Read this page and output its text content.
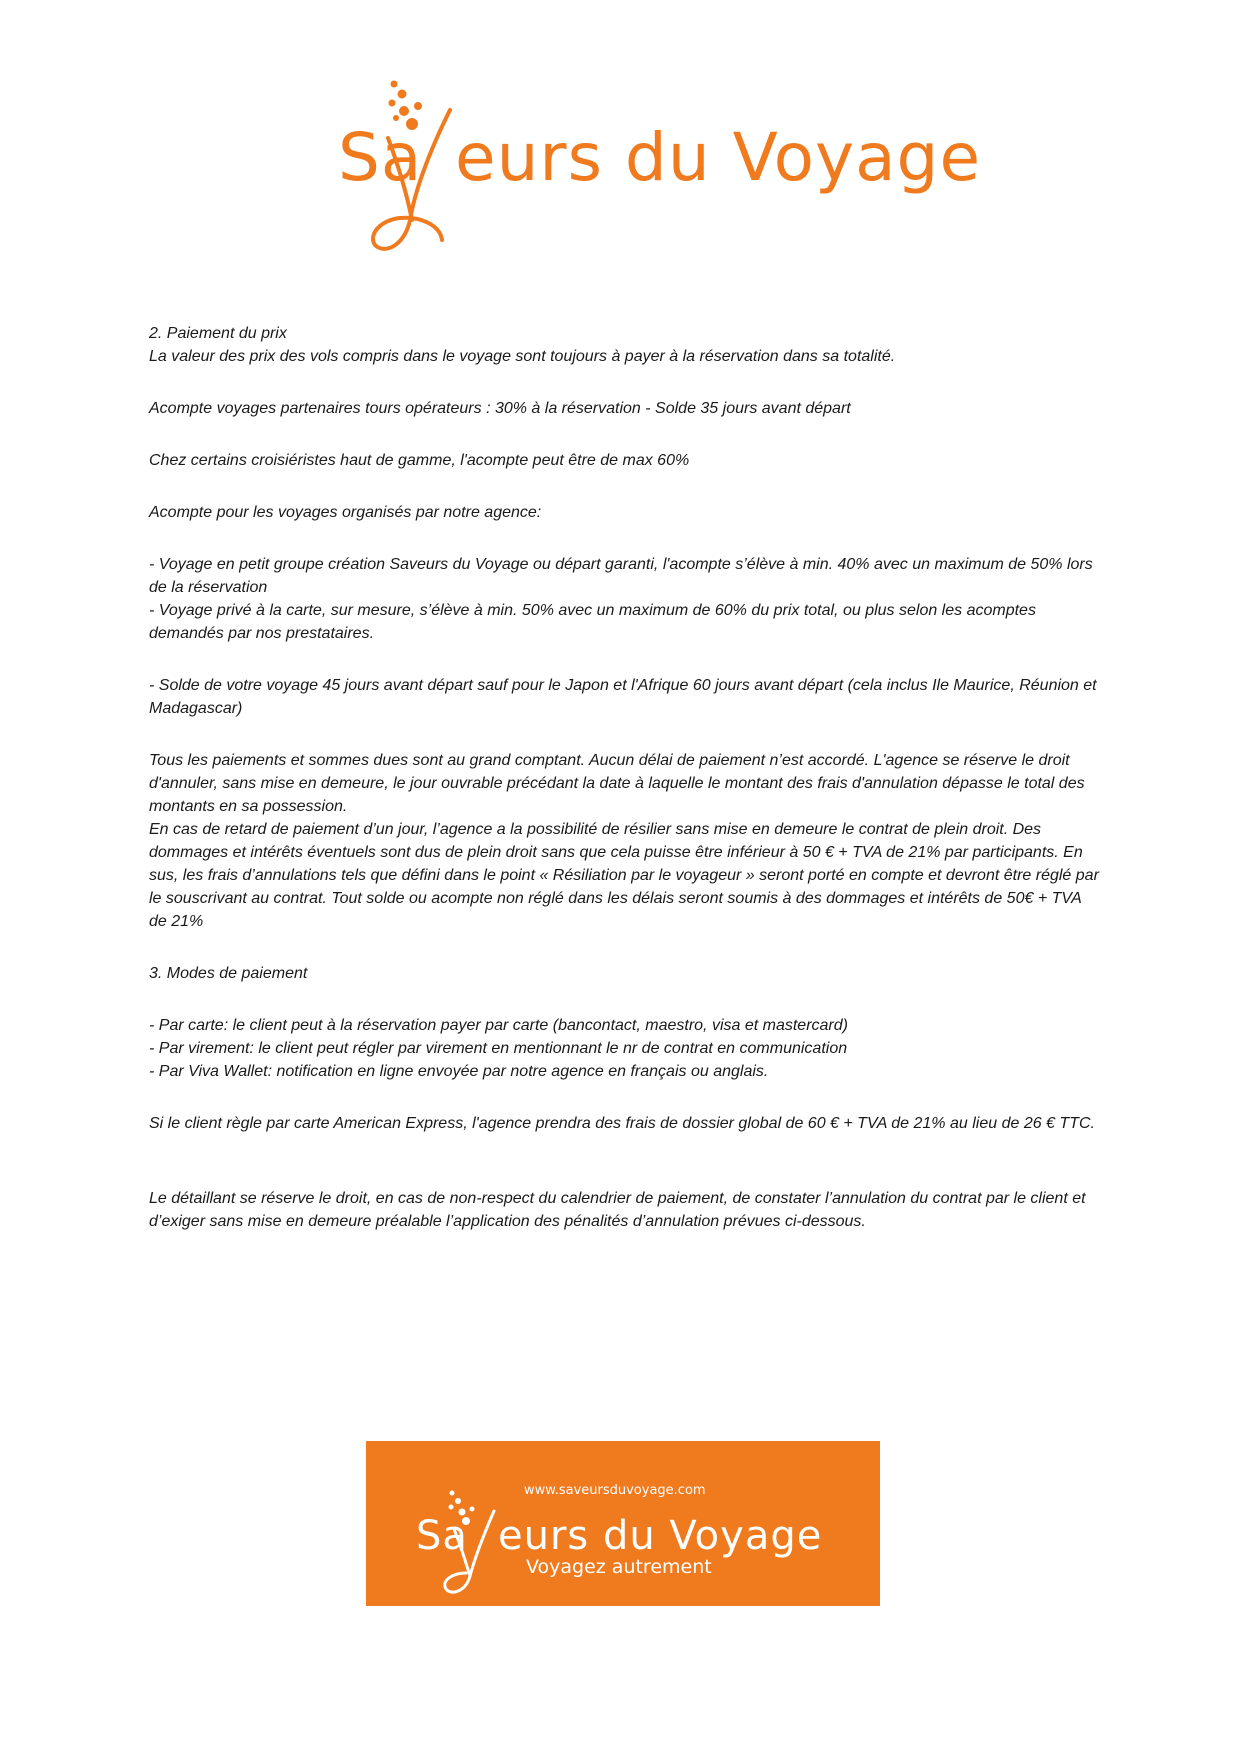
Sa eurs du Voyage

2. Paiement du prix

La valeur des prix des vols compris dans le voyage sont toujours à payer à la réservation dans sa totalité.

Acompte voyages partenaires tours opérateurs : 30% à la réservation - Solde 35 jours avant départ

Chez certains croisiéristes haut de gamme, l'acompte peut être de max 60%

Acompte pour les voyages organisés par notre agence:

- Voyage en petit groupe création Saveurs du Voyage ou départ garanti, l'acompte s’élève à min. 40% avec un maximum de 50% lors de la réservation

- Voyage privé à la carte, sur mesure, s’élève à min. 50% avec un maximum de 60% du prix total, ou plus selon les acomptes demandés par nos prestataires.

- Solde de votre voyage 45 jours avant départ sauf pour le Japon et l'Afrique 60 jours avant départ (cela inclus Ile Maurice, Réunion et Madagascar)

Tous les paiements et sommes dues sont au grand comptant. Aucun délai de paiement n’est accordé. L'agence se réserve le droit d'annuler, sans mise en demeure, le jour ouvrable précédant la date à laquelle le montant des frais d'annulation dépasse le total des montants en sa possession.

En cas de retard de paiement d’un jour, l’agence a la possibilité de résilier sans mise en demeure le contrat de plein droit. Des dommages et intérêts éventuels sont dus de plein droit sans que cela puisse être inférieur à 50 € + TVA de 21% par participants. En sus, les frais d’annulations tels que défini dans le point « Résiliation par le voyageur » seront porté en compte et devront être réglé par le souscrivant au contrat. Tout solde ou acompte non réglé dans les délais seront soumis à des dommages et intérêts de 50€ + TVA de 21%

3. Modes de paiement

- Par carte: le client peut à la réservation payer par carte (bancontact, maestro, visa et mastercard)

- Par virement: le client peut régler par virement en mentionnant le nr de contrat en communication

- Par Viva Wallet: notification en ligne envoyée par notre agence en français ou anglais.

Si le client règle par carte American Express, l'agence prendra des frais de dossier global de 60 € + TVA de 21% au lieu de 26 € TTC.

Le détaillant se réserve le droit, en cas de non-respect du calendrier de paiement, de constater l’annulation du contrat par le client et d’exiger sans mise en demeure préalable l’application des pénalités d’annulation prévues ci-dessous.

www.saveursduvoyage.com
Sa eurs du Voyage
Voyagez autrement
